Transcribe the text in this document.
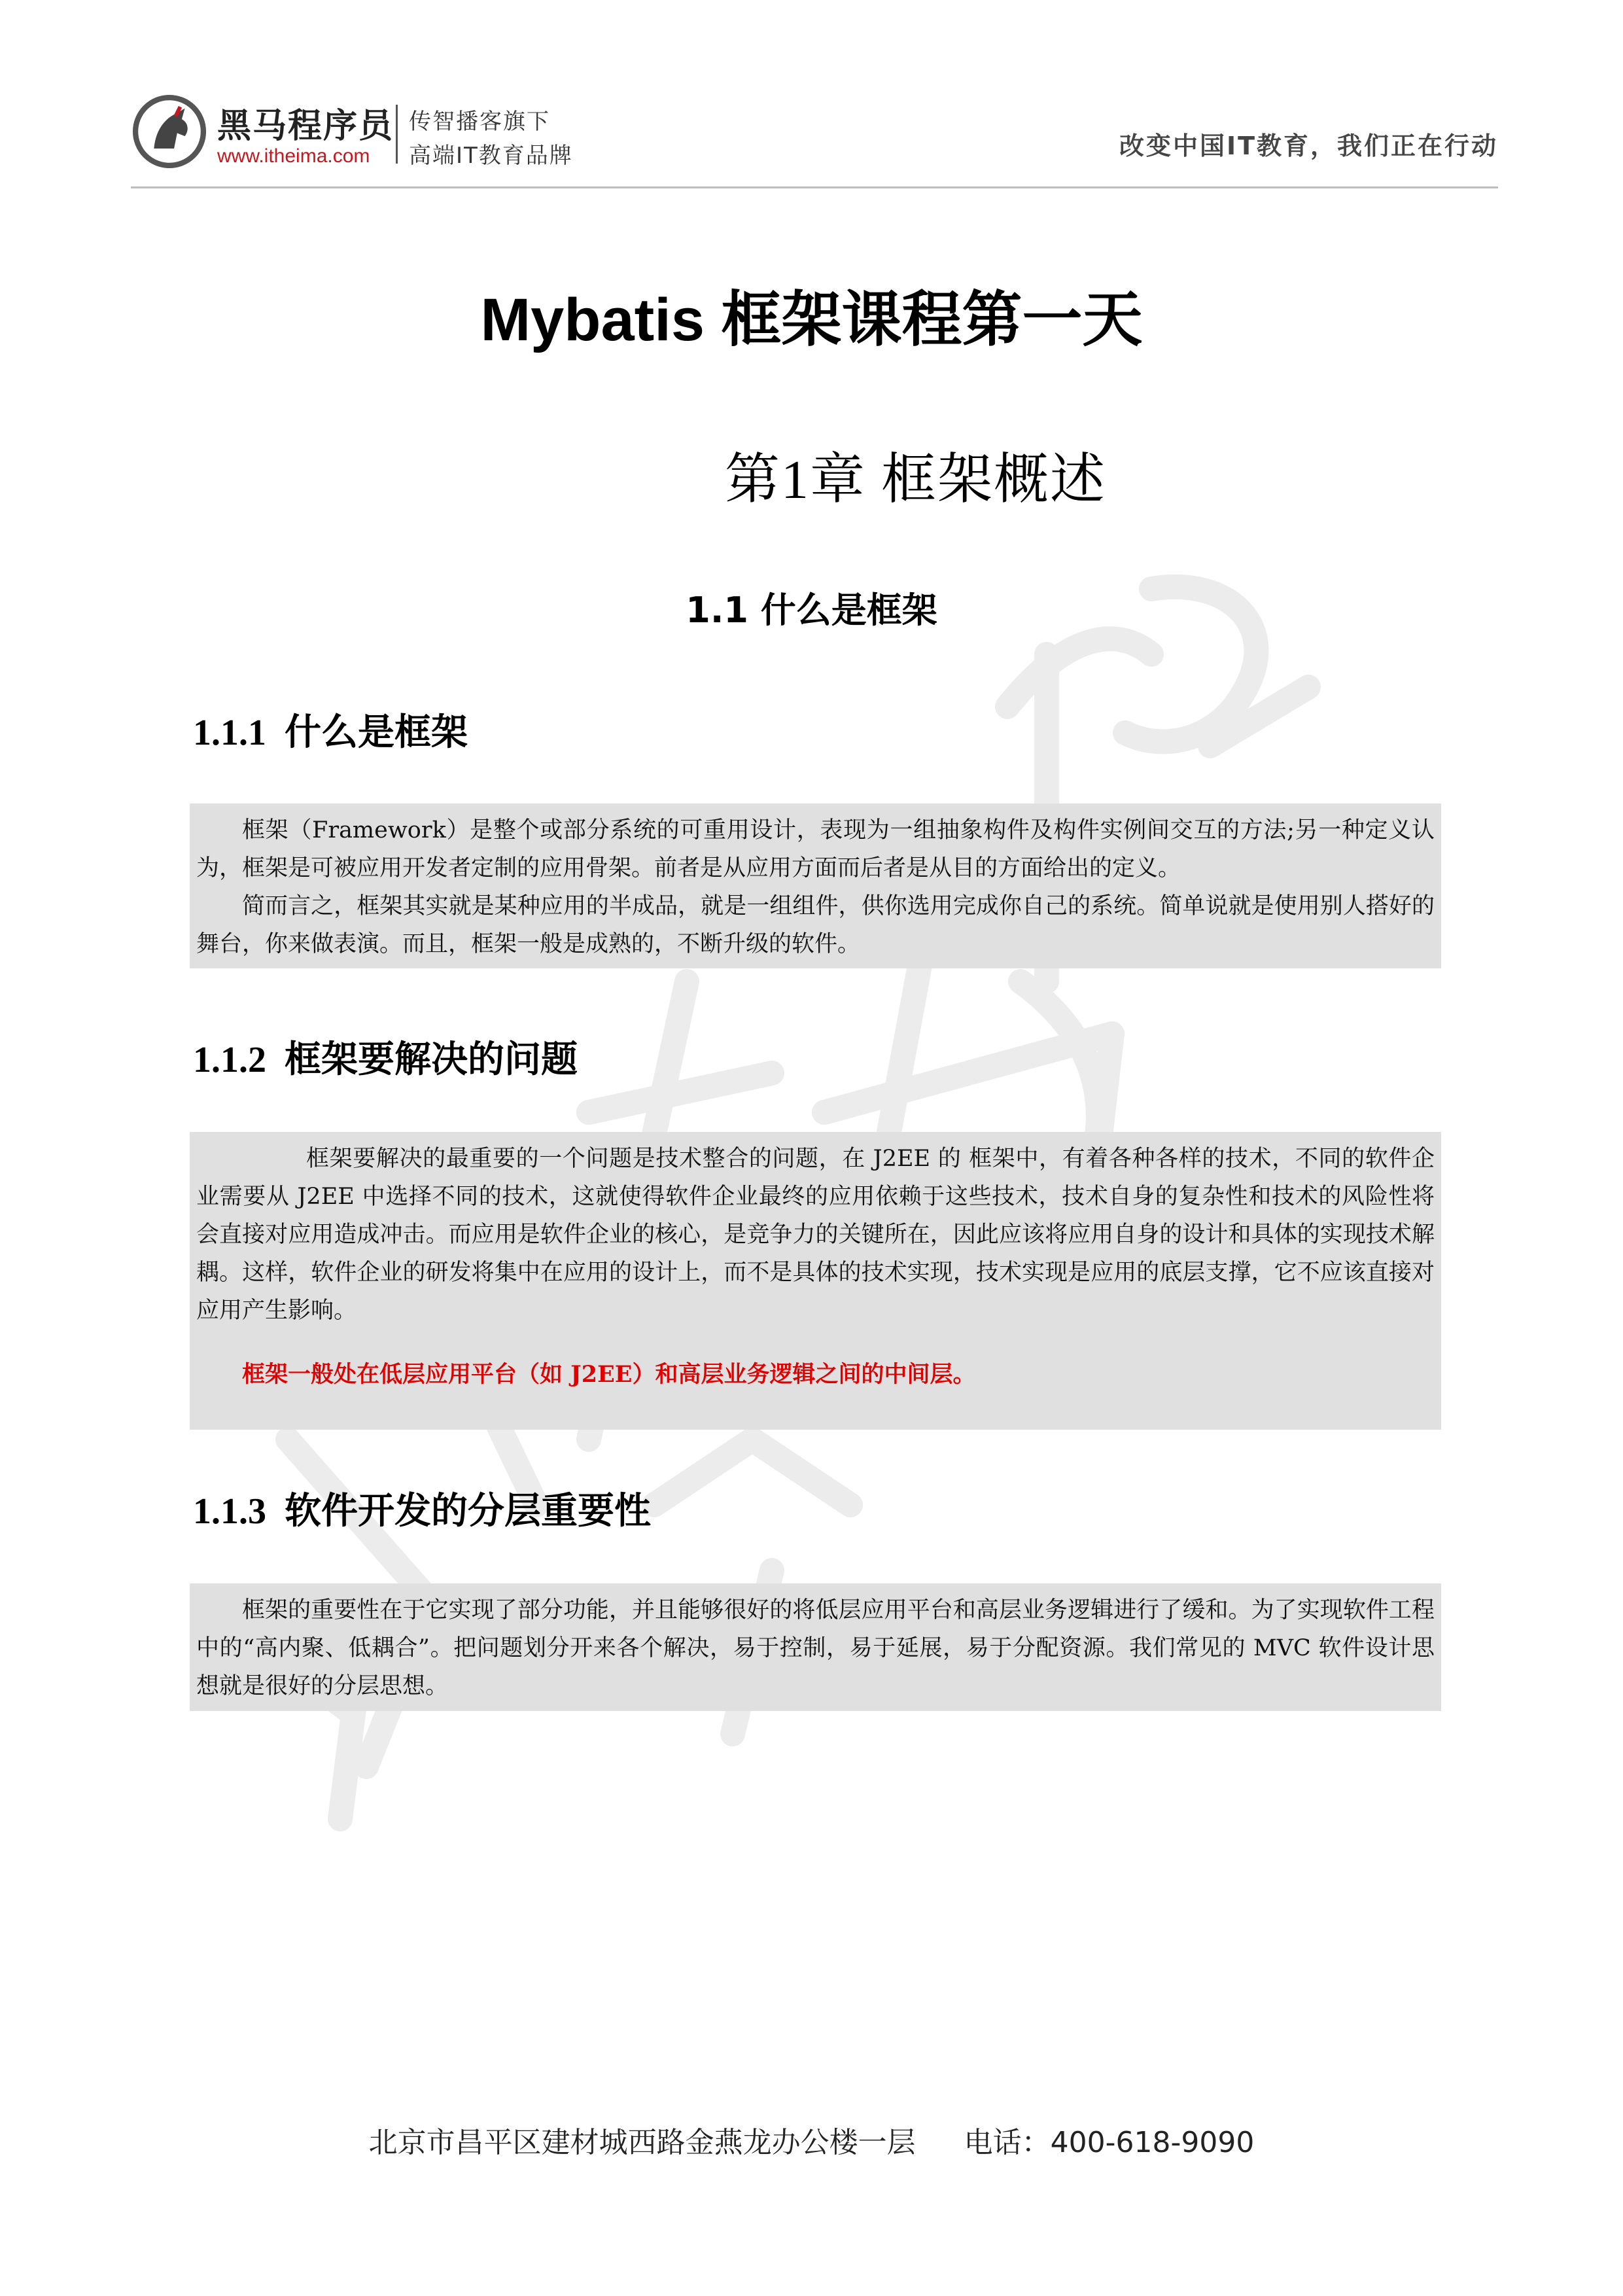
黑马程序员
www.itheima.com
传智播客旗下
高端IT教育品牌	改变中国IT教育，我们正在行动
Mybatis 框架课程第一天
第1章 框架概述
1.1 什么是框架
1.1.1 什么是框架

框架（Framework）是整个或部分系统的可重用设计，表现为一组抽象构件及构件实例间交互的方法;另一种定义认为，框架是可被应用开发者定制的应用骨架。前者是从应用方面而后者是从目的方面给出的定义。

简而言之，框架其实就是某种应用的半成品，就是一组组件，供你选用完成你自己的系统。简单说就是使用别人搭好的舞台，你来做表演。而且，框架一般是成熟的，不断升级的软件。

1.1.2 框架要解决的问题

框架要解决的最重要的一个问题是技术整合的问题，在 J2EE 的 框架中，有着各种各样的技术，不同的软件企业需要从 J2EE 中选择不同的技术，这就使得软件企业最终的应用依赖于这些技术，技术自身的复杂性和技术的风险性将会直接对应用造成冲击。而应用是软件企业的核心，是竞争力的关键所在，因此应该将应用自身的设计和具体的实现技术解耦。这样，软件企业的研发将集中在应用的设计上，而不是具体的技术实现，技术实现是应用的底层支撑，它不应该直接对应用产生影响。

框架一般处在低层应用平台（如 J2EE）和高层业务逻辑之间的中间层。

1.1.3 软件开发的分层重要性

框架的重要性在于它实现了部分功能，并且能够很好的将低层应用平台和高层业务逻辑进行了缓和。为了实现软件工程中的“高内聚、低耦合”。把问题划分开来各个解决，易于控制，易于延展，易于分配资源。我们常见的 MVC 软件设计思想就是很好的分层思想。

北京市昌平区建材城西路金燕龙办公楼一层 电话：400-618-9090
